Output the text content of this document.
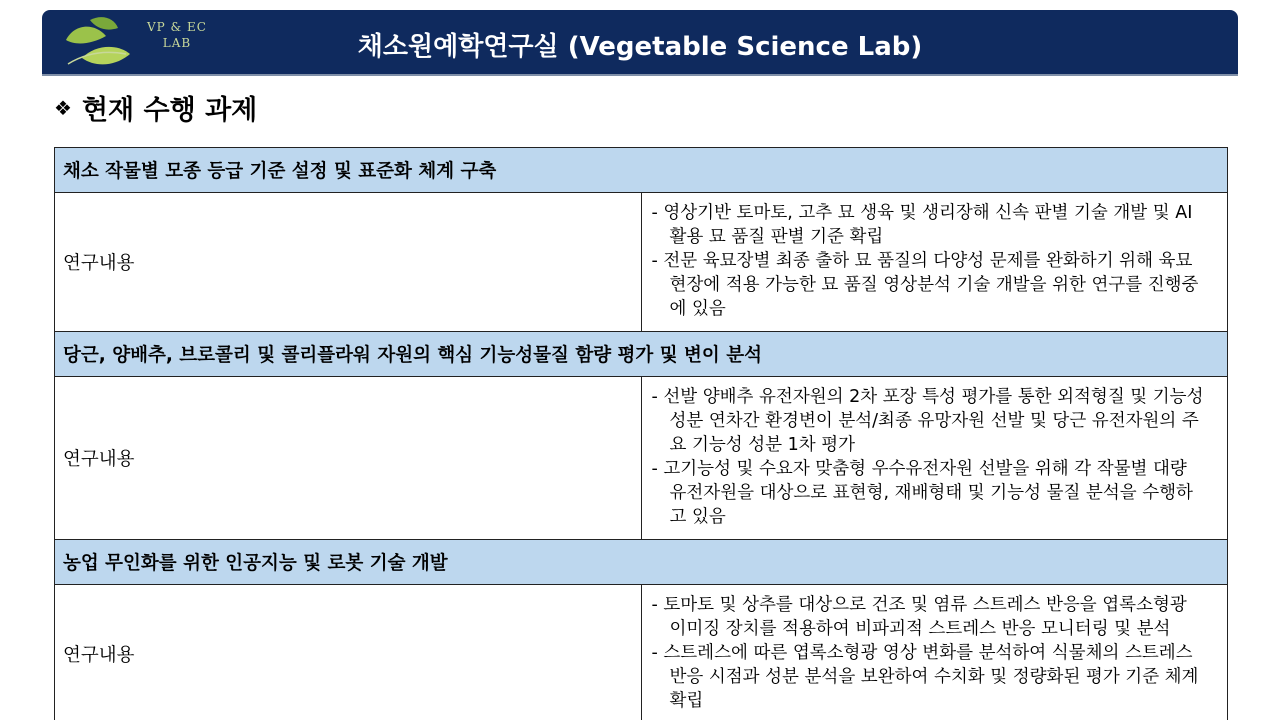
VP & EC
LAB	채소원예학연구실 (Vegetable Science Lab)
❖ 현재 수행 과제
채소 작물별 모종 등급 기준 설정 및 표준화 체계 구축	
연구내용	- 영상기반 토마토, 고추 묘 생육 및 생리장해 신속 판별 기술 개발 및 AI 활용 묘 품질 판별 기준 확립
- 전문 육묘장별 최종 출하 묘 품질의 다양성 문제를 완화하기 위해 육묘 현장에 적용 가능한 묘 품질 영상분석 기술 개발을 위한 연구를 진행중에 있음

당근, 양배추, 브로콜리 및 콜리플라워 자원의 핵심 기능성물질 함량 평가 및 변이 분석	
연구내용	- 선발 양배추 유전자원의 2차 포장 특성 평가를 통한 외적형질 및 기능성 성분 연차간 환경변이 분석/최종 유망자원 선발 및 당근 유전자원의 주요 기능성 성분 1차 평가
- 고기능성 및 수요자 맞춤형 우수유전자원 선발을 위해 각 작물별 대량 유전자원을 대상으로 표현형, 재배형태 및 기능성 물질 분석을 수행하고 있음

농업 무인화를 위한 인공지능 및 로봇 기술 개발	
연구내용	- 토마토 및 상추를 대상으로 건조 및 염류 스트레스 반응을 엽록소형광 이미징 장치를 적용하여 비파괴적 스트레스 반응 모니터링 및 분석
- 스트레스에 따른 엽록소형광 영상 변화를 분석하여 식물체의 스트레스 반응 시점과 성분 분석을 보완하여 수치화 및 정량화된 평가 기준 체계 확립
